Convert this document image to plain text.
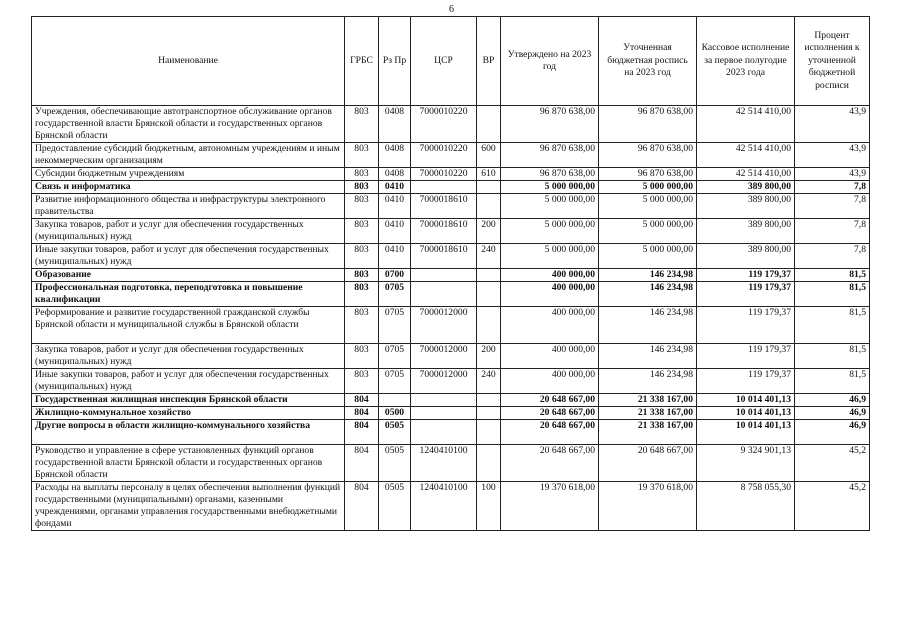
6
Наименование	ГРБС	Рз Пр	ЦСР	ВР	Утверждено на 2023 год	Уточненная бюджетная роспись на 2023 год	Кассовое исполнение за первое полугодие 2023 года	Процент исполнения к уточненной бюджетной росписи
Учреждения, обеспечивающие автотранспортное обслуживание органов государственной власти Брянской области и государственных органов Брянской области	803	0408	7000010220		96 870 638,00	96 870 638,00	42 514 410,00	43,9
Предоставление субсидий бюджетным, автономным учреждениям и иным некоммерческим организациям	803	0408	7000010220	600	96 870 638,00	96 870 638,00	42 514 410,00	43,9
Субсидии бюджетным учреждениям	803	0408	7000010220	610	96 870 638,00	96 870 638,00	42 514 410,00	43,9
Связь и информатика	803	0410			5 000 000,00	5 000 000,00	389 800,00	7,8
Развитие информационного общества и инфраструктуры электронного правительства	803	0410	7000018610		5 000 000,00	5 000 000,00	389 800,00	7,8
Закупка товаров, работ и услуг для обеспечения государственных (муниципальных) нужд	803	0410	7000018610	200	5 000 000,00	5 000 000,00	389 800,00	7,8
Иные закупки товаров, работ и услуг для обеспечения государственных (муниципальных) нужд	803	0410	7000018610	240	5 000 000,00	5 000 000,00	389 800,00	7,8
Образование	803	0700			400 000,00	146 234,98	119 179,37	81,5
Профессиональная подготовка, переподготовка и повышение квалификации	803	0705			400 000,00	146 234,98	119 179,37	81,5
Реформирование и развитие государственной гражданской службы Брянской области и муниципальной службы в Брянской области	803	0705	7000012000		400 000,00	146 234,98	119 179,37	81,5
Закупка товаров, работ и услуг для обеспечения государственных (муниципальных) нужд	803	0705	7000012000	200	400 000,00	146 234,98	119 179,37	81,5
Иные закупки товаров, работ и услуг для обеспечения государственных (муниципальных) нужд	803	0705	7000012000	240	400 000,00	146 234,98	119 179,37	81,5
Государственная жилищная инспекция Брянской области	804				20 648 667,00	21 338 167,00	10 014 401,13	46,9
Жилищно-коммунальное хозяйство	804	0500			20 648 667,00	21 338 167,00	10 014 401,13	46,9
Другие вопросы в области жилищно-коммунального хозяйства	804	0505			20 648 667,00	21 338 167,00	10 014 401,13	46,9
Руководство и управление в сфере установленных функций органов государственной власти Брянской области и государственных органов Брянской области	804	0505	1240410100		20 648 667,00	20 648 667,00	9 324 901,13	45,2
Расходы на выплаты персоналу в целях обеспечения выполнения функций государственными (муниципальными) органами, казенными учреждениями, органами управления государственными внебюджетными фондами	804	0505	1240410100	100	19 370 618,00	19 370 618,00	8 758 055,30	45,2
